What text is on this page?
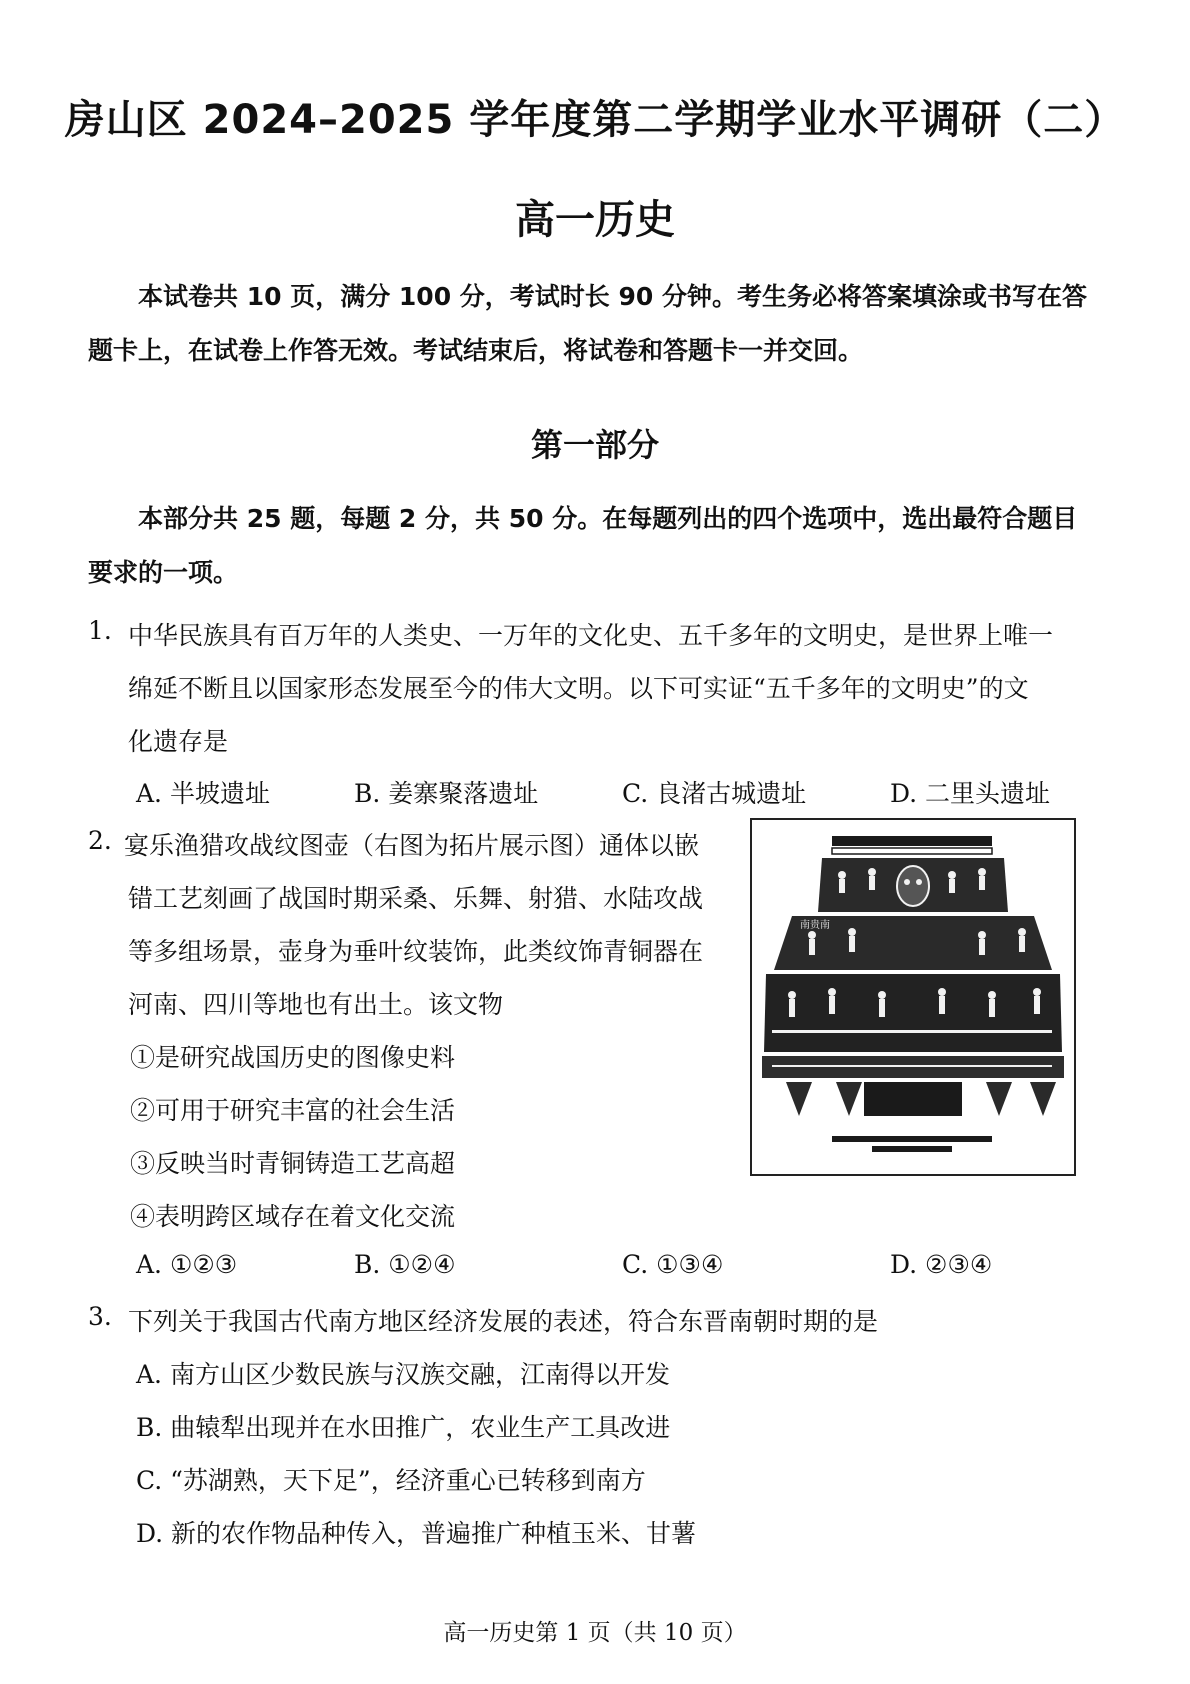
房山区 2024–2025 学年度第二学期学业水平调研（二）
高一历史
本试卷共 10 页，满分 100 分，考试时长 90 分钟。考生务必将答案填涂或书写在答
题卡上，在试卷上作答无效。考试结束后，将试卷和答题卡一并交回。
第一部分
本部分共 25 题，每题 2 分，共 50 分。在每题列出的四个选项中，选出最符合题目
要求的一项。
1. 中华民族具有百万年的人类史、一万年的文化史、五千多年的文明史，是世界上唯一
绵延不断且以国家形态发展至今的伟大文明。以下可实证“五千多年的文明史”的文
化遗存是
A. 半坡遗址	B. 姜寨聚落遗址	C. 良渚古城遗址	D. 二里头遗址
2. 宴乐渔猎攻战纹图壶（右图为拓片展示图）通体以嵌
错工艺刻画了战国时期采桑、乐舞、射猎、水陆攻战
等多组场景，壶身为垂叶纹装饰，此类纹饰青铜器在
河南、四川等地也有出土。该文物
①是研究战国历史的图像史料
②可用于研究丰富的社会生活
③反映当时青铜铸造工艺高超
④表明跨区域存在着文化交流
A. ①②③	B. ①②④	C. ①③④	D. ②③④
南贵南
3. 下列关于我国古代南方地区经济发展的表述，符合东晋南朝时期的是
A. 南方山区少数民族与汉族交融，江南得以开发
B. 曲辕犁出现并在水田推广，农业生产工具改进
C. “苏湖熟，天下足”，经济重心已转移到南方
D. 新的农作物品种传入，普遍推广种植玉米、甘薯
高一历史第 1 页（共 10 页）
